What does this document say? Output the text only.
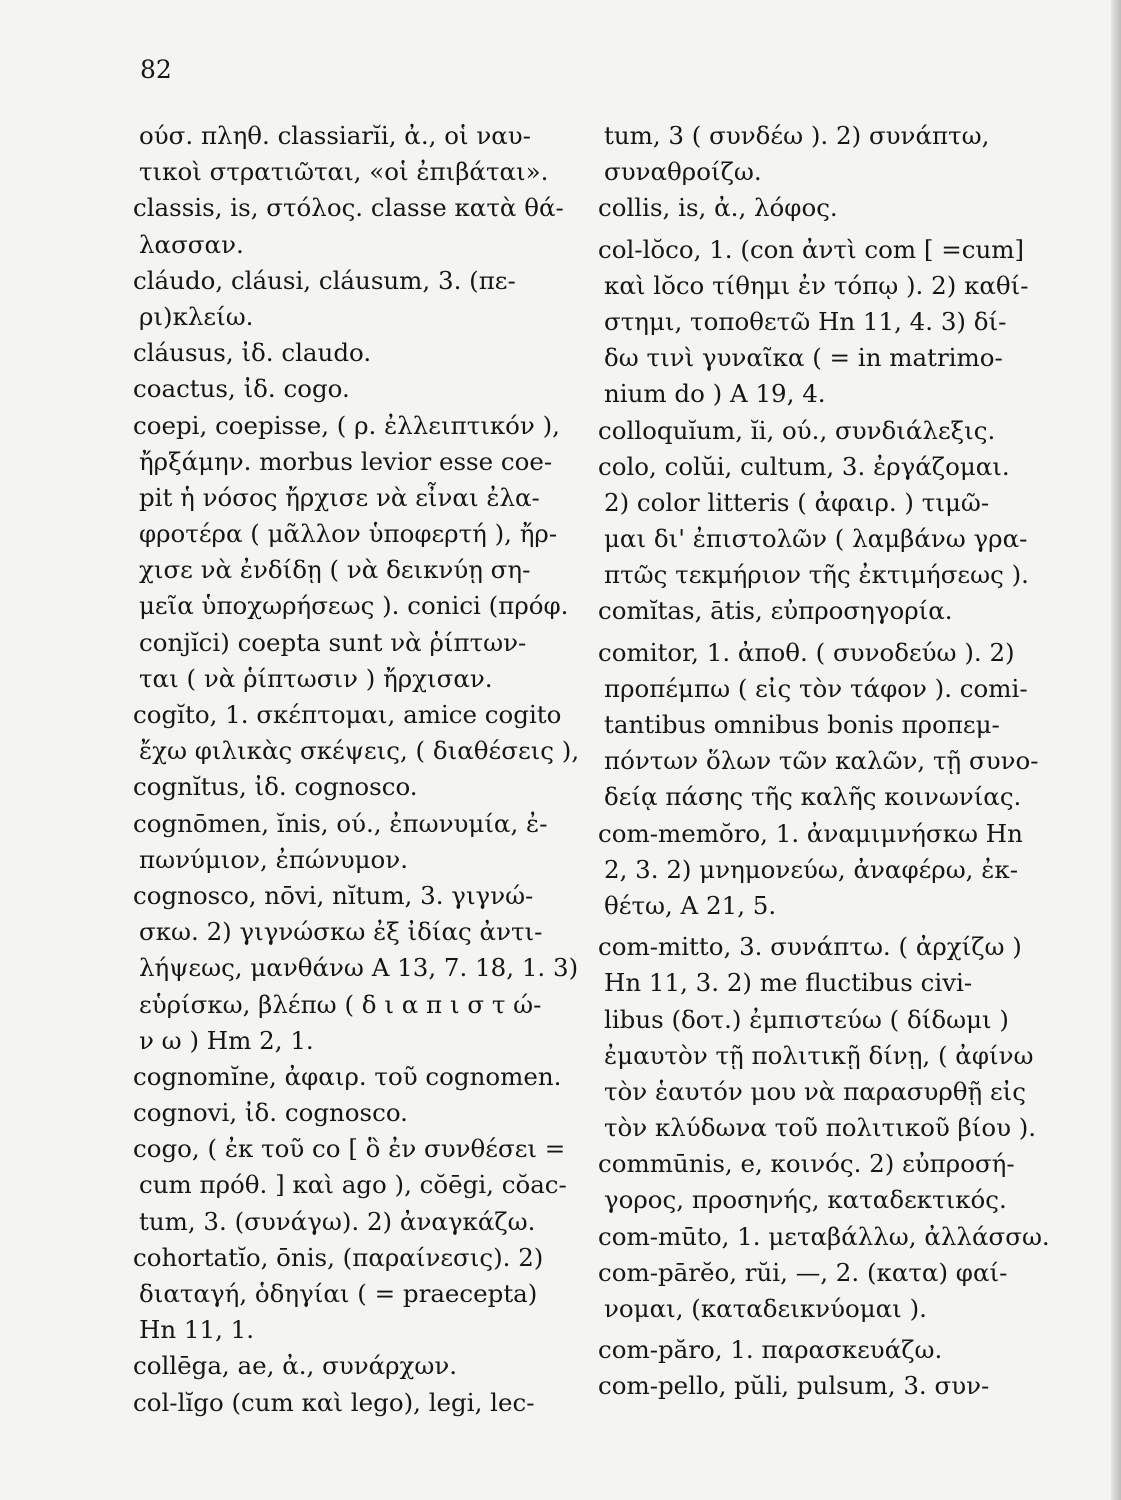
82
ούσ. πληθ. classiarĭi, ἀ., οἱ ναυ-
τικοὶ στρατιῶται, «οἱ ἐπιβάται».
classis, is, στόλος. classe κατὰ θά-
λασσαν.
cláudo, cláusi, cláusum, 3. (πε-
ρι)κλείω.
cláusus, ἰδ. claudo.
coactus, ἰδ. cogo.
coepi, coepisse, ( ρ. ἐλλειπτικόν ),
ἤρξάμην. morbus levior esse coe-
pit ἡ νόσος ἤρχισε νὰ εἶναι ἐλα-
φροτέρα ( μᾶλλον ὑποφερτή ), ἤρ-
χισε νὰ ἐνδίδῃ ( νὰ δεικνύῃ ση-
μεῖα ὑποχωρήσεως ). conici (πρόφ.
conjĭci) coepta sunt νὰ ῥίπτων-
ται ( νὰ ῥίπτωσιν ) ἤρχισαν.
cogĭto, 1. σκέπτομαι, amice cogito
ἔχω φιλικὰς σκέψεις, ( διαθέσεις ),
cognĭtus, ἰδ. cognosco.
cognōmen, ĭnis, ού., ἐπωνυμία, ἐ-
πωνύμιον, ἐπώνυμον.
cognosco, nōvi, nĭtum, 3. γιγνώ-
σκω. 2) γιγνώσκω ἐξ ἰδίας ἀντι-
λήψεως, μανθάνω A 13, 7. 18, 1. 3)
εὑρίσκω, βλέπω ( δ ι α π ι σ τ ώ-
ν ω ) Hm 2, 1.
cognomĭne, ἀφαιρ. τοῦ cognomen.
cognovi, ἰδ. cognosco.
cogo, ( ἐκ τοῦ co [ ὃ ἐν συνθέσει =
cum πρόθ. ] καὶ ago ), cŏēgi, cŏac-
tum, 3. (συνάγω). 2) ἀναγκάζω.
cohortatĭo, ōnis, (παραίνεσις). 2)
διαταγή, ὁδηγίαι ( = praecepta)
Hn 11, 1.
collēga, ae, ἀ., συνάρχων.
col-lĭgo (cum καὶ lego), legi, lec-
tum, 3 ( συνδέω ). 2) συνάπτω,
συναθροίζω.
collis, is, ἀ., λόφος.
col-lŏco, 1. (con ἀντὶ com [ =cum]
καὶ lŏco τίθημι ἐν τόπῳ ). 2) καθί-
στημι, τοποθετῶ Hn 11, 4. 3) δί-
δω τινὶ γυναῖκα ( = in matrimo-
nium do ) A 19, 4.
colloquĭum, ĭi, ού., συνδιάλεξις.
colo, colŭi, cultum, 3. ἐργάζομαι.
2) color litteris ( ἀφαιρ. ) τιμῶ-
μαι δι' ἐπιστολῶν ( λαμβάνω γρα-
πτῶς τεκμήριον τῆς ἐκτιμήσεως ).
comĭtas, ātis, εὐπροσηγορία.
comitor, 1. ἀποθ. ( συνοδεύω ). 2)
προπέμπω ( εἰς τὸν τάφον ). comi-
tantibus omnibus bonis προπεμ-
πόντων ὅλων τῶν καλῶν, τῇ συνο-
δείᾳ πάσης τῆς καλῆς κοινωνίας.
com-memŏro, 1. ἀναμιμνήσκω Hn
2, 3. 2) μνημονεύω, ἀναφέρω, ἐκ-
θέτω, A 21, 5.
com-mitto, 3. συνάπτω. ( ἀρχίζω )
Hn 11, 3. 2) me fluctibus civi-
libus (δοτ.) ἐμπιστεύω ( δίδωμι )
ἐμαυτὸν τῇ πολιτικῇ δίνῃ, ( ἀφίνω
τὸν ἑαυτόν μου νὰ παρασυρθῇ εἰς
τὸν κλύδωνα τοῦ πολιτικοῦ βίου ).
commūnis, e, κοινός. 2) εὐπροσή-
γορος, προσηνής, καταδεκτικός.
com-mūto, 1. μεταβάλλω, ἀλλάσσω.
com-pārĕo, rŭi, —, 2. (κατα) φαί-
νομαι, (καταδεικνύομαι ).
com-păro, 1. παρασκευάζω.
com-pello, pŭli, pulsum, 3. συν-
